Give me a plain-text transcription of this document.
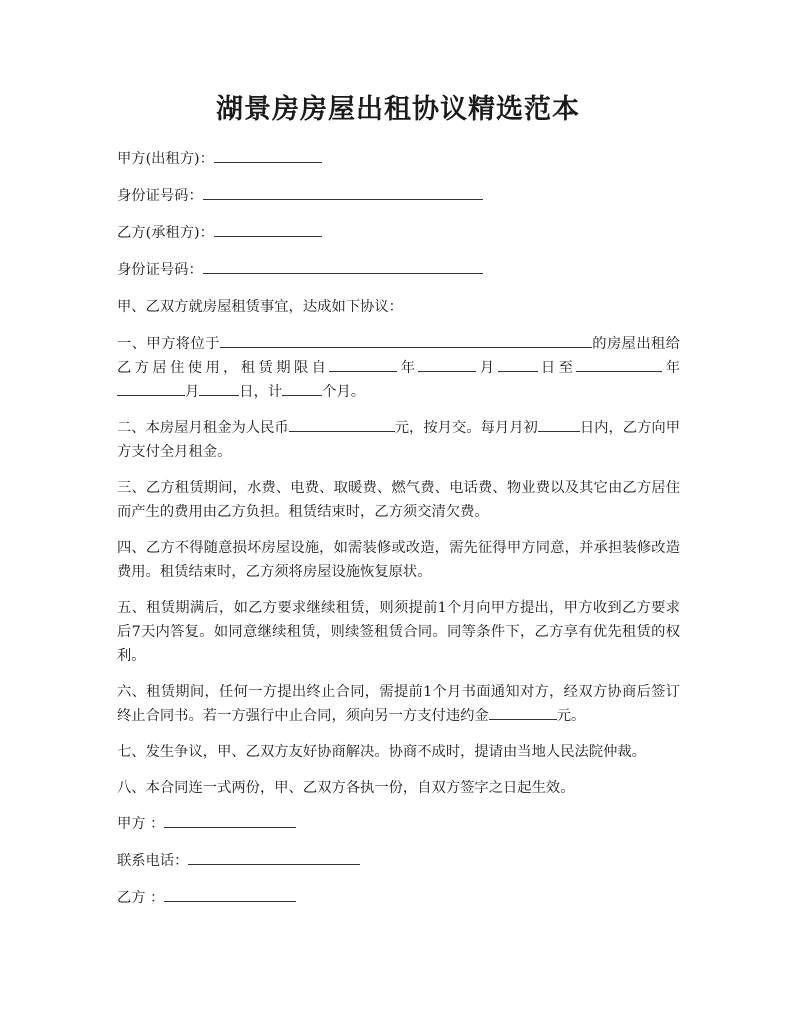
湖景房房屋出租协议精选范本

甲方(出租方)：

身份证号码：

乙方(承租方)：

身份证号码：

甲、乙双方就房屋租赁事宜，达成如下协议：

一、甲方将位于	的房屋出租给乙方居住使用，租赁期限自	年	月	日至	年月	日，计	个月。

二、本房屋月租金为人民币	元，按月交。每月月初	日内，乙方向甲方支付全月租金。

三、乙方租赁期间，水费、电费、取暖费、燃气费、电话费、物业费以及其它由乙方居住而产生的费用由乙方负担。租赁结束时，乙方须交清欠费。

四、乙方不得随意损坏房屋设施，如需装修或改造，需先征得甲方同意，并承担装修改造费用。租赁结束时，乙方须将房屋设施恢复原状。

五、租赁期满后，如乙方要求继续租赁，则须提前1个月向甲方提出，甲方收到乙方要求后7天内答复。如同意继续租赁，则续签租赁合同。同等条件下，乙方享有优先租赁的权利。

六、租赁期间，任何一方提出终止合同，需提前1个月书面通知对方，经双方协商后签订终止合同书。若一方强行中止合同，须向另一方支付违约金	元。

七、发生争议，甲、乙双方友好协商解决。协商不成时，提请由当地人民法院仲裁。

八、本合同连一式两份，甲、乙双方各执一份，自双方签字之日起生效。

甲方 ：

联系电话：

乙方 ：
